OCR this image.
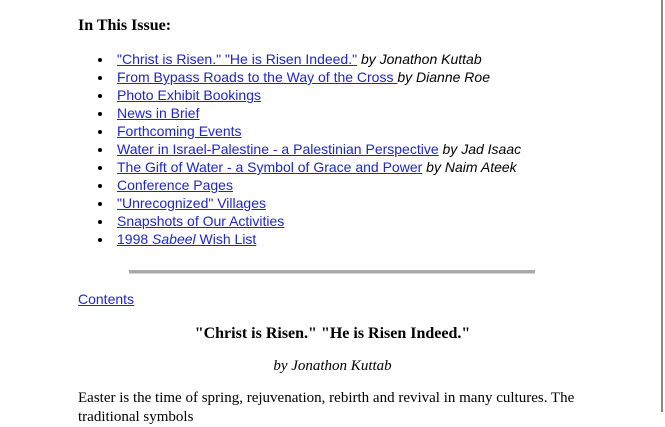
In This Issue:
"Christ is Risen." "He is Risen Indeed." by Jonathon Kuttab
From Bypass Roads to the Way of the Cross by Dianne Roe
Photo Exhibit Bookings
News in Brief
Forthcoming Events
Water in Israel-Palestine - a Palestinian Perspective by Jad Isaac
The Gift of Water - a Symbol of Grace and Power by Naim Ateek
Conference Pages
"Unrecognized" Villages
Snapshots of Our Activities
1998 Sabeel Wish List
Contents
"Christ is Risen." "He is Risen Indeed."
by Jonathon Kuttab
Easter is the time of spring, rejuvenation, rebirth and revival in many cultures. The traditional symbols
